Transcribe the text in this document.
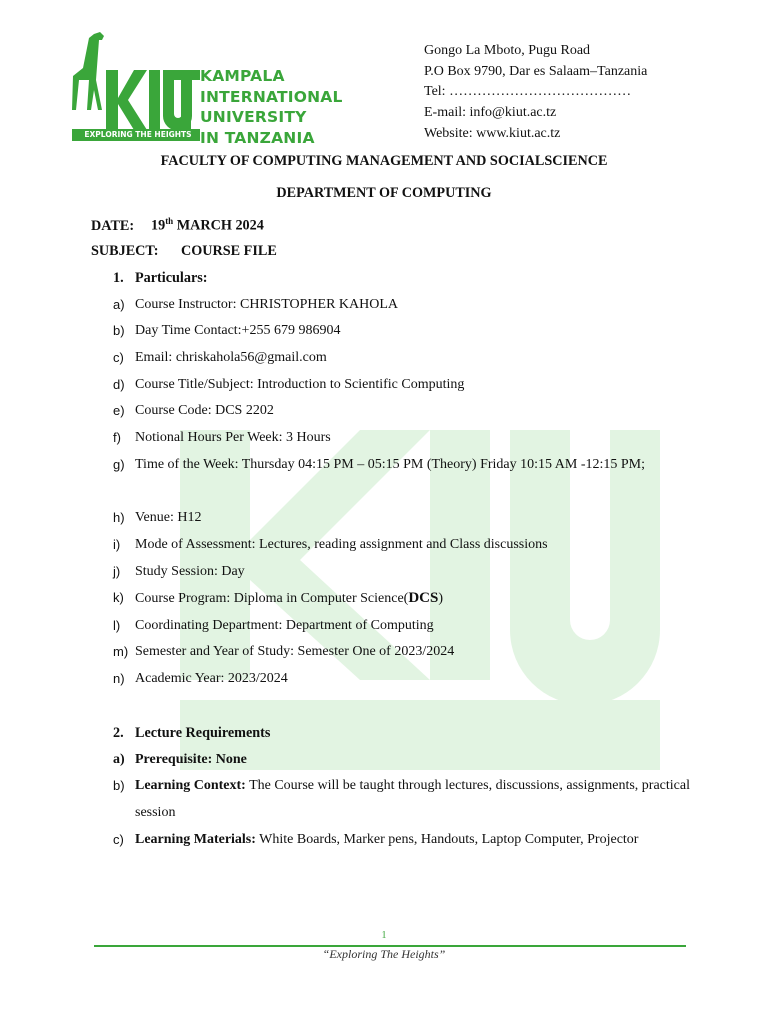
EXPLORING THE HEIGHTS
KAMPALA
INTERNATIONAL
UNIVERSITY
IN TANZANIA
Gongo La Mboto, Pugu Road
P.O Box 9790, Dar es Salaam–Tanzania
Tel: …………………………………
E-mail: info@kiut.ac.tz
Website: www.kiut.ac.tz
FACULTY OF COMPUTING MANAGEMENT AND SOCIALSCIENCE
DEPARTMENT OF COMPUTING
DATE: 19th MARCH 2024
SUBJECT: COURSE FILE
1. Particulars:
a) Course Instructor: CHRISTOPHER KAHOLA
b) Day Time Contact:+255 679 986904
c) Email: chriskahola56@gmail.com
d) Course Title/Subject: Introduction to Scientific Computing
e) Course Code: DCS 2202
f) Notional Hours Per Week: 3 Hours
g) Time of the Week: Thursday 04:15 PM – 05:15 PM (Theory) Friday 10:15 AM -12:15 PM;
h) Venue: H12
i) Mode of Assessment: Lectures, reading assignment and Class discussions
j) Study Session: Day
k) Course Program: Diploma in Computer Science(DCS)
l) Coordinating Department: Department of Computing
m) Semester and Year of Study: Semester One of 2023/2024
n) Academic Year: 2023/2024
2. Lecture Requirements
a) Prerequisite: None
b) Learning Context: The Course will be taught through lectures, discussions, assignments, practical session
c) Learning Materials: White Boards, Marker pens, Handouts, Laptop Computer, Projector
1
“Exploring The Heights”
